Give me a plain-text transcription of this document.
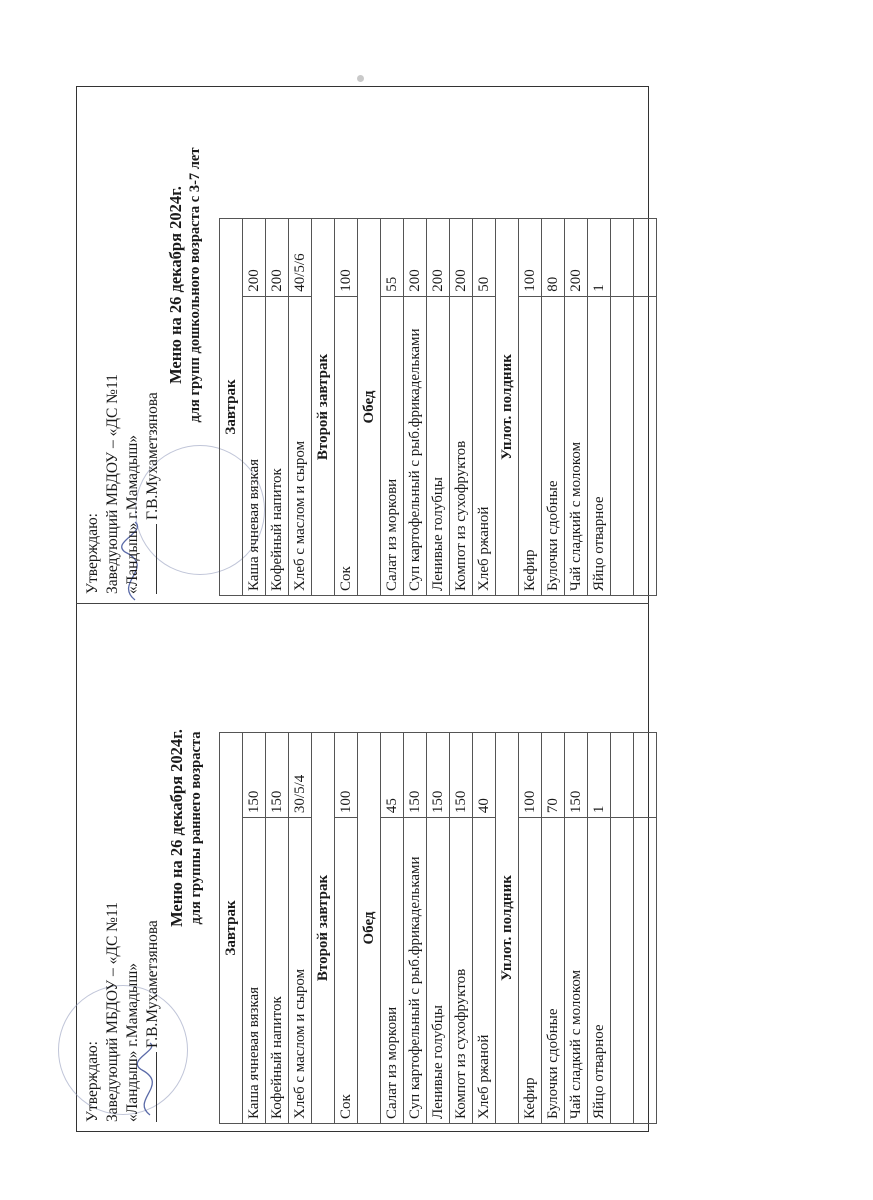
Утверждаю: Заведующий МБДОУ – «ДС №11 «Ландыш» г.Мамадыш» Г.В.Мухаметзянова
Меню на 26 декабря 2024г. для группы раннего возраста
Завтрак	
Каша ячневая вязкая	150
Кофейный напиток	150
Хлеб с маслом и сыром	30/5/4
Второй завтрак	
Сок	100
Обед	
Салат из моркови	45
Суп картофельный с рыб.фрикадельками	150
Ленивые голубцы	150
Компот из сухофруктов	150
Хлеб ржаной	40
Уплот. полдник	
Кефир	100
Булочки сдобные	70
Чай сладкий с молоком	150
Яйцо отварное	1

Утверждаю: Заведующий МБДОУ – «ДС №11 «Ландыш» г.Мамадыш» Г.В.Мухаметзянова
Меню на 26 декабря 2024г. для групп дошкольного возраста с 3-7 лет Завтрак	
Каша ячневая вязкая	200
Кофейный напиток	200
Хлеб с маслом и сыром	40/5/6
Второй завтрак	
Сок	100
Обед	
Салат из моркови	55
Суп картофельный с рыб.фрикадельками	200
Ленивые голубцы	200
Компот из сухофруктов	200
Хлеб ржаной	50
Уплот. полдник	
Кефир	100
Булочки сдобные	80
Чай сладкий с молоком	200
Яйцо отварное	1
